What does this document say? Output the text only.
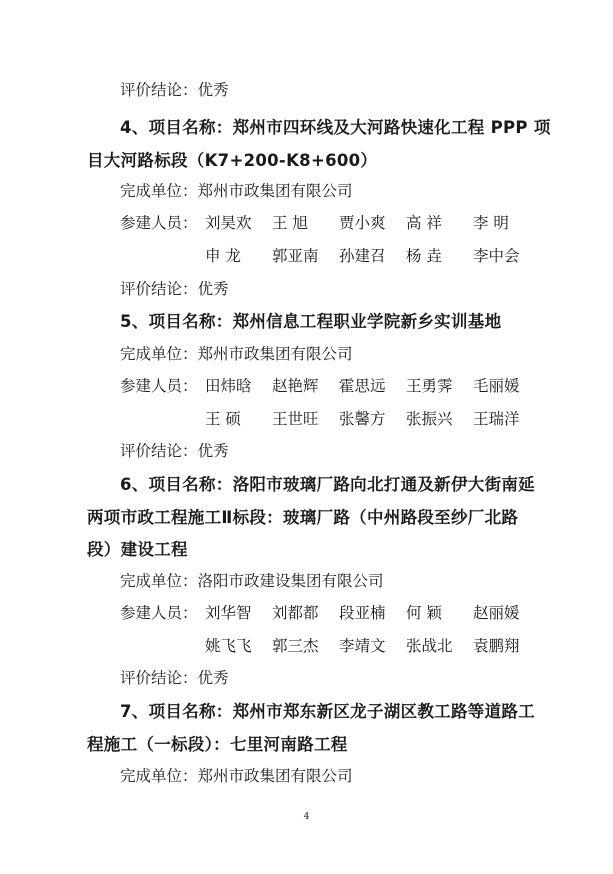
评价结论：优秀
4、项目名称：郑州市四环线及大河路快速化工程 PPP 项
目大河路标段（K7+200-K8+600）
完成单位：郑州市政集团有限公司
参建人员： 刘昊欢	王 旭	贾小爽	高 祥	李 明
申 龙	郭亚南	孙建召	杨 垚	李中会
评价结论：优秀
5、项目名称：郑州信息工程职业学院新乡实训基地
完成单位：郑州市政集团有限公司
参建人员： 田炜晗	赵艳辉	霍思远	王勇霁	毛丽媛
王 硕	王世旺	张馨方	张振兴	王瑞洋
评价结论：优秀
6、项目名称：洛阳市玻璃厂路向北打通及新伊大街南延
两项市政工程施工Ⅱ标段：玻璃厂路（中州路段至纱厂北路
段）建设工程
完成单位：洛阳市政建设集团有限公司
参建人员： 刘华智	刘都都	段亚楠	何 颖	赵丽媛
姚飞飞	郭三杰	李靖文	张战北	袁鹏翔
评价结论：优秀
7、项目名称：郑州市郑东新区龙子湖区教工路等道路工
程施工（一标段）：七里河南路工程
完成单位：郑州市政集团有限公司
4
